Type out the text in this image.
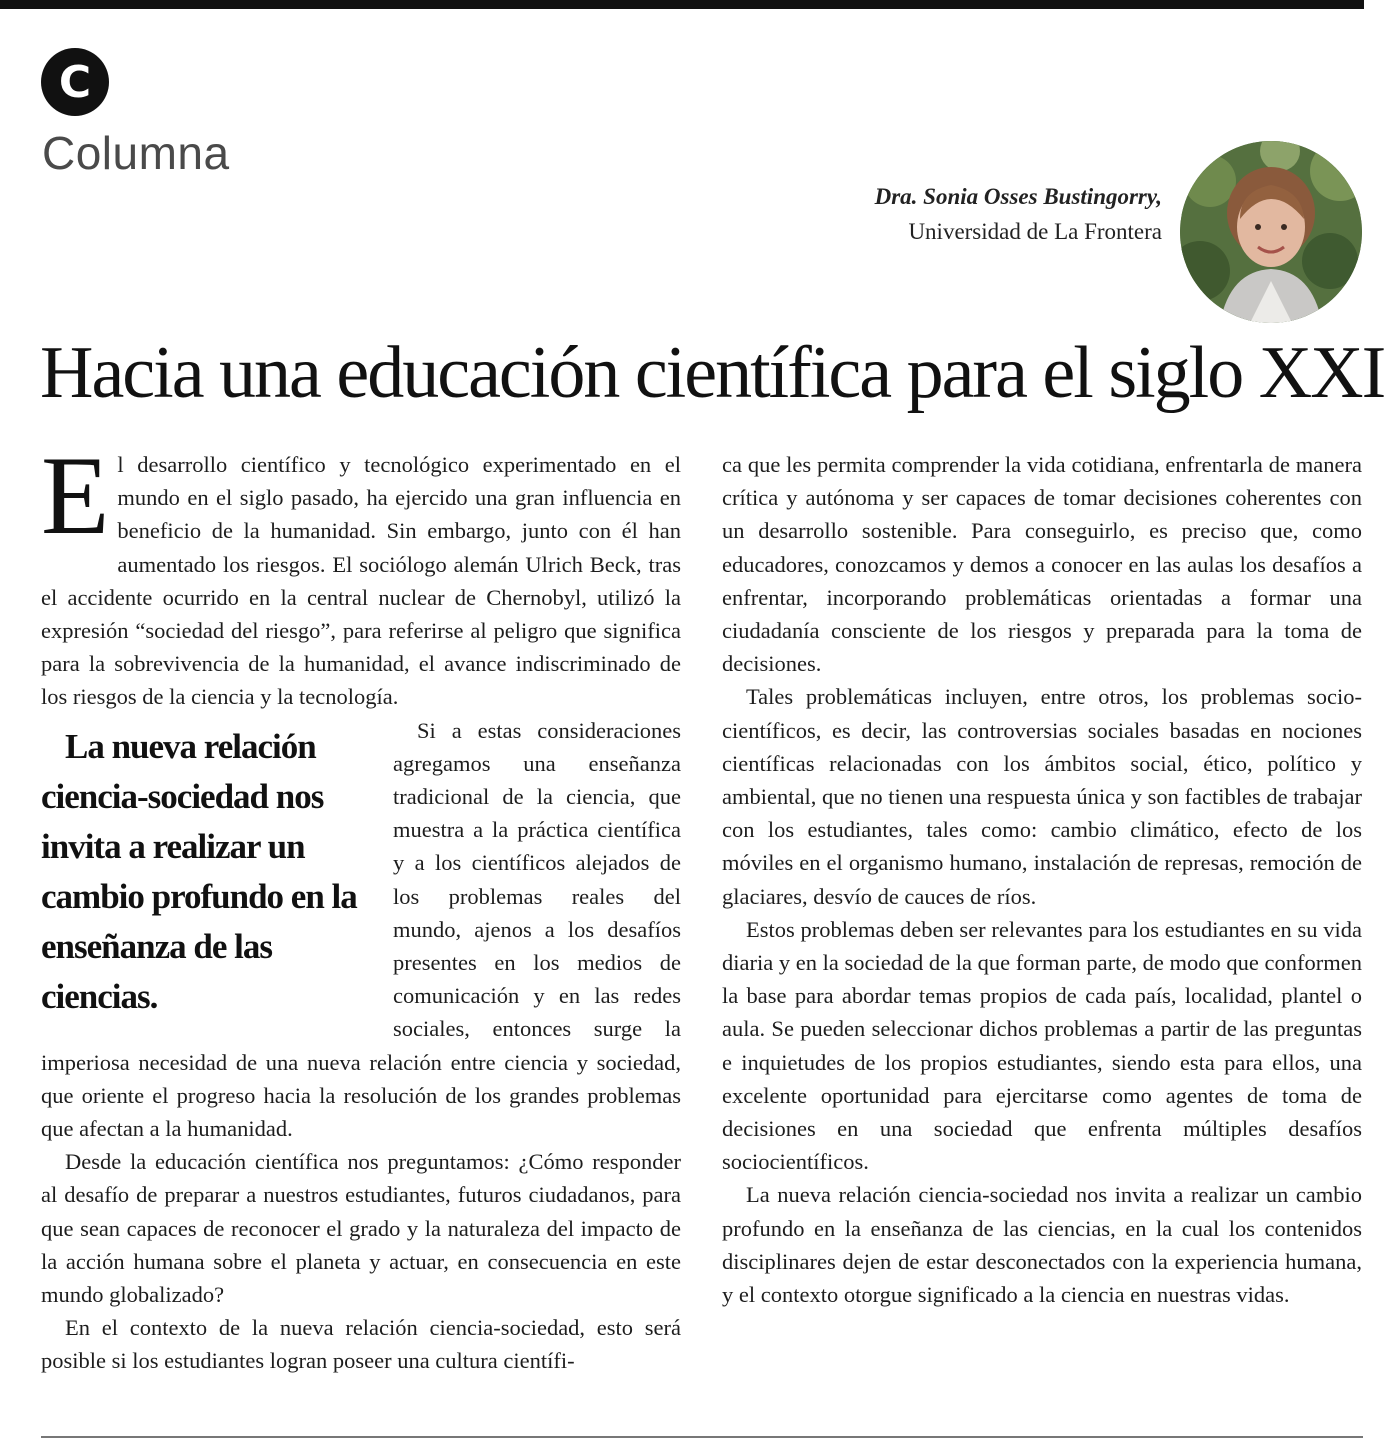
C
Columna
Dra. Sonia Osses Bustingorry,
Universidad de La Frontera
Hacia una educación científica para el siglo XXI

El desarrollo científico y tecnológico experimentado en el mundo en el siglo pasado, ha ejercido una gran influencia en beneficio de la humanidad. Sin embargo, junto con él han aumentado los riesgos. El sociólogo alemán Ulrich Beck, tras el accidente ocurrido en la central nuclear de Chernobyl, utilizó la expresión “sociedad del riesgo”, para referirse al peligro que significa para la sobrevivencia de la humanidad, el avance indiscriminado de los riesgos de la ciencia y la tecnología.

La nueva relación ciencia-sociedad nos invita a realizar un cambio profundo en la enseñanza de las ciencias.
Si a estas consideraciones agregamos una enseñanza tradicional de la ciencia, que muestra a la práctica científica y a los científicos alejados de los problemas reales del mundo, ajenos a los desafíos presentes en los medios de comunicación y en las redes sociales, entonces surge la imperiosa necesidad de una nueva relación entre ciencia y sociedad, que oriente el progreso hacia la resolución de los grandes problemas que afectan a la humanidad.

Desde la educación científica nos preguntamos: ¿Cómo responder al desafío de preparar a nuestros estudiantes, futuros ciudadanos, para que sean capaces de reconocer el grado y la naturaleza del impacto de la acción humana sobre el planeta y actuar, en consecuencia en este mundo globalizado?

En el contexto de la nueva relación ciencia-sociedad, esto será posible si los estudiantes logran poseer una cultura científi-

ca que les permita comprender la vida cotidiana, enfrentarla de manera crítica y autónoma y ser capaces de tomar decisiones coherentes con un desarrollo sostenible. Para conseguirlo, es preciso que, como educadores, conozcamos y demos a conocer en las aulas los desafíos a enfrentar, incorporando problemáticas orientadas a formar una ciudadanía consciente de los riesgos y preparada para la toma de decisiones.

Tales problemáticas incluyen, entre otros, los problemas socio-científicos, es decir, las controversias sociales basadas en nociones científicas relacionadas con los ámbitos social, ético, político y ambiental, que no tienen una respuesta única y son factibles de trabajar con los estudiantes, tales como: cambio climático, efecto de los móviles en el organismo humano, instalación de represas, remoción de glaciares, desvío de cauces de ríos.

Estos problemas deben ser relevantes para los estudiantes en su vida diaria y en la sociedad de la que forman parte, de modo que conformen la base para abordar temas propios de cada país, localidad, plantel o aula. Se pueden seleccionar dichos problemas a partir de las preguntas e inquietudes de los propios estudiantes, siendo esta para ellos, una excelente oportunidad para ejercitarse como agentes de toma de decisiones en una sociedad que enfrenta múltiples desafíos sociocientíficos.

La nueva relación ciencia-sociedad nos invita a realizar un cambio profundo en la enseñanza de las ciencias, en la cual los contenidos disciplinares dejen de estar desconectados con la experiencia humana, y el contexto otorgue significado a la ciencia en nuestras vidas.
